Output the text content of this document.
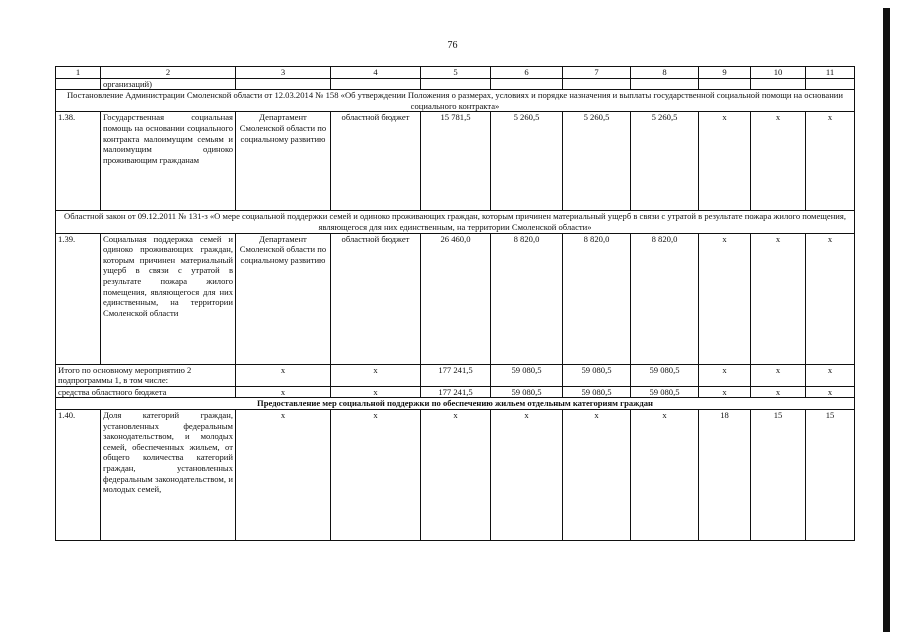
76
1	2	3	4	5	6	7	8	9	10	11
	организаций)									
Постановление Администрации Смоленской области от 12.03.2014 № 158 «Об утверждении Положения о размерах, условиях и порядке назначения и выплаты государственной социальной помощи на основании социального контракта»										
1.38.	Государственная социальная помощь на основании социального контракта малоимущим семьям и малоимущим одиноко проживающим гражданам	Департамент Смоленской области по социальному развитию	областной бюджет	15 781,5	5 260,5	5 260,5	5 260,5	х	х	х
Областной закон от 09.12.2011 № 131-з «О мере социальной поддержки семей и одиноко проживающих граждан, которым причинен материальный ущерб в связи с утратой в результате пожара жилого помещения, являющегося для них единственным, на территории Смоленской области»										
1.39.	Социальная поддержка семей и одиноко проживающих граждан, которым причинен материальный ущерб в связи с утратой в результате пожара жилого помещения, являющегося для них единственным, на территории Смоленской области	Департамент Смоленской области по социальному развитию	областной бюджет	26 460,0	8 820,0	8 820,0	8 820,0	х	х	х
Итого по основному мероприятию 2 подпрограммы 1, в том числе:		х	х	177 241,5	59 080,5	59 080,5	59 080,5	х	х	х
средства областного бюджета		х	х	177 241,5	59 080,5	59 080,5	59 080,5	х	х	х
Предоставление мер социальной поддержки по обеспечению жильем отдельным категориям граждан										
1.40.	Доля категорий граждан, установленных федеральным законодательством, и молодых семей, обеспеченных жильем, от общего количества категорий граждан, установленных федеральным законодательством, и молодых семей,	х	х	х	х	х	х	18	15	15
